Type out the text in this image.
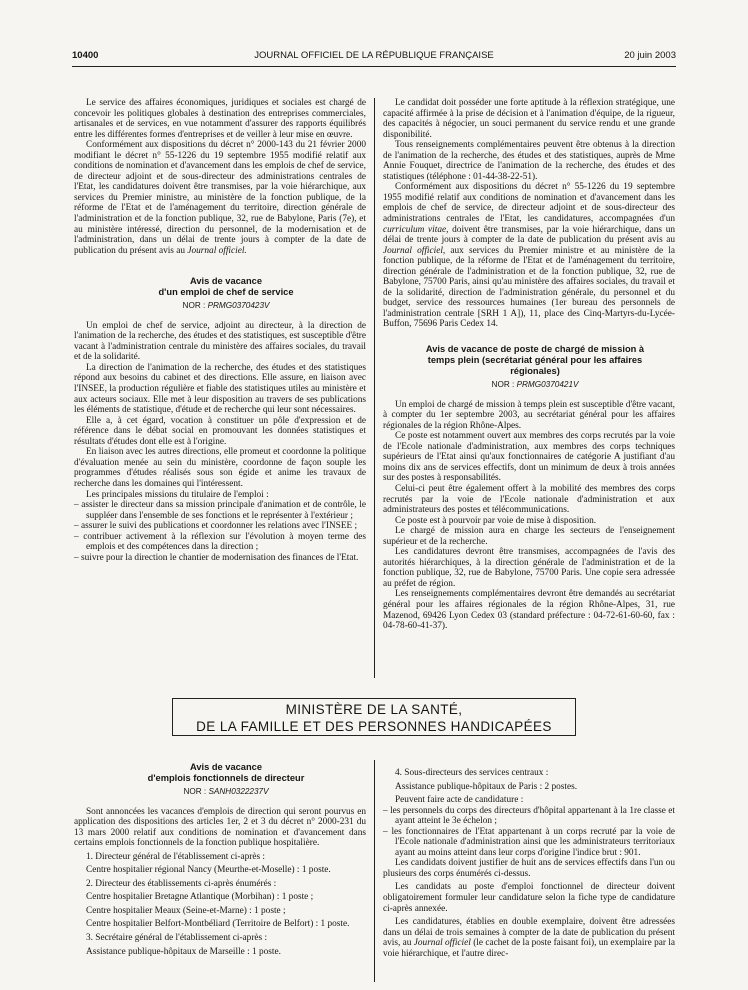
10400	JOURNAL OFFICIEL DE LA RÉPUBLIQUE FRANÇAISE	20 juin 2003

Le service des affaires économiques, juridiques et sociales est chargé de concevoir les politiques globales à destination des entreprises commerciales, artisanales et de services, en vue notamment d'assurer des rapports équilibrés entre les différentes formes d'entreprises et de veiller à leur mise en œuvre.

Conformément aux dispositions du décret n° 2000-143 du 21 février 2000 modifiant le décret n° 55-1226 du 19 septembre 1955 modifié relatif aux conditions de nomination et d'avancement dans les emplois de chef de service, de directeur adjoint et de sous-directeur des administrations centrales de l'Etat, les candidatures doivent être transmises, par la voie hiérarchique, aux services du Premier ministre, au ministère de la fonction publique, de la réforme de l'Etat et de l'aménagement du territoire, direction générale de l'administration et de la fonction publique, 32, rue de Babylone, Paris (7e), et au ministère intéressé, direction du personnel, de la modernisation et de l'administration, dans un délai de trente jours à compter de la date de publication du présent avis au Journal officiel.

Avis de vacance

d'un emploi de chef de service

NOR : PRMG0370423V

Un emploi de chef de service, adjoint au directeur, à la direction de l'animation de la recherche, des études et des statistiques, est susceptible d'être vacant à l'administration centrale du ministère des affaires sociales, du travail et de la solidarité.

La direction de l'animation de la recherche, des études et des statistiques répond aux besoins du cabinet et des directions. Elle assure, en liaison avec l'INSEE, la production régulière et fiable des statistiques utiles au ministère et aux acteurs sociaux. Elle met à leur disposition au travers de ses publications les éléments de statistique, d'étude et de recherche qui leur sont nécessaires.

Elle a, à cet égard, vocation à constituer un pôle d'expression et de référence dans le débat social en promouvant les données statistiques et résultats d'études dont elle est à l'origine.

En liaison avec les autres directions, elle promeut et coordonne la politique d'évaluation menée au sein du ministère, coordonne de façon souple les programmes d'études réalisés sous son égide et anime les travaux de recherche dans les domaines qui l'intéressent.

Les principales missions du titulaire de l'emploi :

– assister le directeur dans sa mission principale d'animation et de contrôle, le suppléer dans l'ensemble de ses fonctions et le représenter à l'extérieur ;

– assurer le suivi des publications et coordonner les relations avec l'INSEE ;

– contribuer activement à la réflexion sur l'évolution à moyen terme des emplois et des compétences dans la direction ;

– suivre pour la direction le chantier de modernisation des finances de l'Etat.

Le candidat doit posséder une forte aptitude à la réflexion stratégique, une capacité affirmée à la prise de décision et à l'animation d'équipe, de la rigueur, des capacités à négocier, un souci permanent du service rendu et une grande disponibilité.

Tous renseignements complémentaires peuvent être obtenus à la direction de l'animation de la recherche, des études et des statistiques, auprès de Mme Annie Fouquet, directrice de l'animation de la recherche, des études et des statistiques (téléphone : 01-44-38-22-51).

Conformément aux dispositions du décret n° 55-1226 du 19 septembre 1955 modifié relatif aux conditions de nomination et d'avancement dans les emplois de chef de service, de directeur adjoint et de sous-directeur des administrations centrales de l'Etat, les candidatures, accompagnées d'un curriculum vitae, doivent être transmises, par la voie hiérarchique, dans un délai de trente jours à compter de la date de publication du présent avis au Journal officiel, aux services du Premier ministre et au ministère de la fonction publique, de la réforme de l'Etat et de l'aménagement du territoire, direction générale de l'administration et de la fonction publique, 32, rue de Babylone, 75700 Paris, ainsi qu'au ministère des affaires sociales, du travail et de la solidarité, direction de l'administration générale, du personnel et du budget, service des ressources humaines (1er bureau des personnels de l'administration centrale [SRH 1 A]), 11, place des Cinq-Martyrs-du-Lycée-Buffon, 75696 Paris Cedex 14.

Avis de vacance de poste de chargé de mission à

temps plein (secrétariat général pour les affaires

régionales)

NOR : PRMG0370421V

Un emploi de chargé de mission à temps plein est susceptible d'être vacant, à compter du 1er septembre 2003, au secrétariat général pour les affaires régionales de la région Rhône-Alpes.

Ce poste est notamment ouvert aux membres des corps recrutés par la voie de l'Ecole nationale d'administration, aux membres des corps techniques supérieurs de l'Etat ainsi qu'aux fonctionnaires de catégorie A justifiant d'au moins dix ans de services effectifs, dont un minimum de deux à trois années sur des postes à responsabilités.

Celui-ci peut être également offert à la mobilité des membres des corps recrutés par la voie de l'Ecole nationale d'administration et aux administrateurs des postes et télécommunications.

Ce poste est à pourvoir par voie de mise à disposition.

Le chargé de mission aura en charge les secteurs de l'enseignement supérieur et de la recherche.

Les candidatures devront être transmises, accompagnées de l'avis des autorités hiérarchiques, à la direction générale de l'administration et de la fonction publique, 32, rue de Babylone, 75700 Paris. Une copie sera adressée au préfet de région.

Les renseignements complémentaires devront être demandés au secrétariat général pour les affaires régionales de la région Rhône-Alpes, 31, rue Mazenod, 69426 Lyon Cedex 03 (standard préfecture : 04-72-61-60-60, fax : 04-78-60-41-37).

MINISTÈRE DE LA SANTÉ,
DE LA FAMILLE ET DES PERSONNES HANDICAPÉES

Avis de vacance

d'emplois fonctionnels de directeur

NOR : SANH0322237V

Sont annoncées les vacances d'emplois de direction qui seront pourvus en application des dispositions des articles 1er, 2 et 3 du décret n° 2000-231 du 13 mars 2000 relatif aux conditions de nomination et d'avancement dans certains emplois fonctionnels de la fonction publique hospitalière.

1. Directeur général de l'établissement ci-après :

Centre hospitalier régional Nancy (Meurthe-et-Moselle) : 1 poste.

2. Directeur des établissements ci-après énumérés :

Centre hospitalier Bretagne Atlantique (Morbihan) : 1 poste ;

Centre hospitalier Meaux (Seine-et-Marne) : 1 poste ;

Centre hospitalier Belfort-Montbéliard (Territoire de Belfort) : 1 poste.

3. Secrétaire général de l'établissement ci-après :

Assistance publique-hôpitaux de Marseille : 1 poste.

4. Sous-directeurs des services centraux :

Assistance publique-hôpitaux de Paris : 2 postes.

Peuvent faire acte de candidature :

– les personnels du corps des directeurs d'hôpital appartenant à la 1re classe et ayant atteint le 3e échelon ;

– les fonctionnaires de l'Etat appartenant à un corps recruté par la voie de l'Ecole nationale d'administration ainsi que les administrateurs territoriaux ayant au moins atteint dans leur corps d'origine l'indice brut : 901.

Les candidats doivent justifier de huit ans de services effectifs dans l'un ou plusieurs des corps énumérés ci-dessus.

Les candidats au poste d'emploi fonctionnel de directeur doivent obligatoirement formuler leur candidature selon la fiche type de candidature ci-après annexée.

Les candidatures, établies en double exemplaire, doivent être adressées dans un délai de trois semaines à compter de la date de publication du présent avis, au Journal officiel (le cachet de la poste faisant foi), un exemplaire par la voie hiérarchique, et l'autre direc-
